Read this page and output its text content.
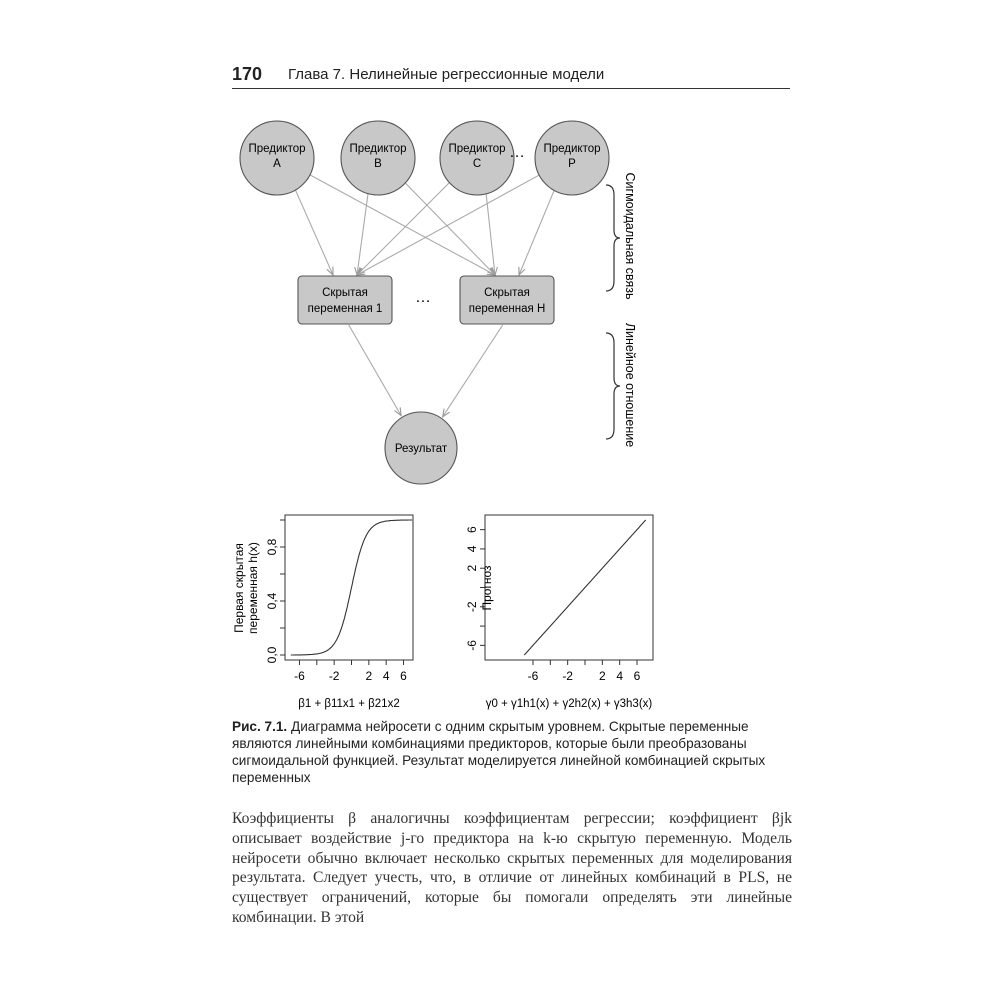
170 Глава 7. Нелинейные регрессионные модели
Предиктор
A
Предиктор
B
Предиктор
C
Предиктор
P
Скрытая
переменная 1
Скрытая
переменная H
Результат
…
…	Сигмоидальная связь
Линейное отношение
-6 -2 2 4 6
0,0
0,4
0,8
β1 + β11x1 + β21x2
Первая скрытая переменная h(x)
-6 -2 2 4 6
-6
-2
2
4
6
γ0 + γ1h1(x) + γ2h2(x) + γ3h3(x)
Прогноз
Рис. 7.1. Диаграмма нейросети с одним скрытым уровнем. Скрытые переменные являются линейными комбинациями предикторов, которые были преобразованы сигмоидальной функцией. Результат моделируется линейной комбинацией скрытых переменных
Коэффициенты β аналогичны коэффициентам регрессии; коэффициент βjk описывает воздействие j-го предиктора на k-ю скрытую переменную. Модель нейросети обычно включает несколько скрытых переменных для моделирования результата. Следует учесть, что, в отличие от линейных комбинаций в PLS, не существует ограничений, которые бы помогали определять эти линейные комбинации. В этой
